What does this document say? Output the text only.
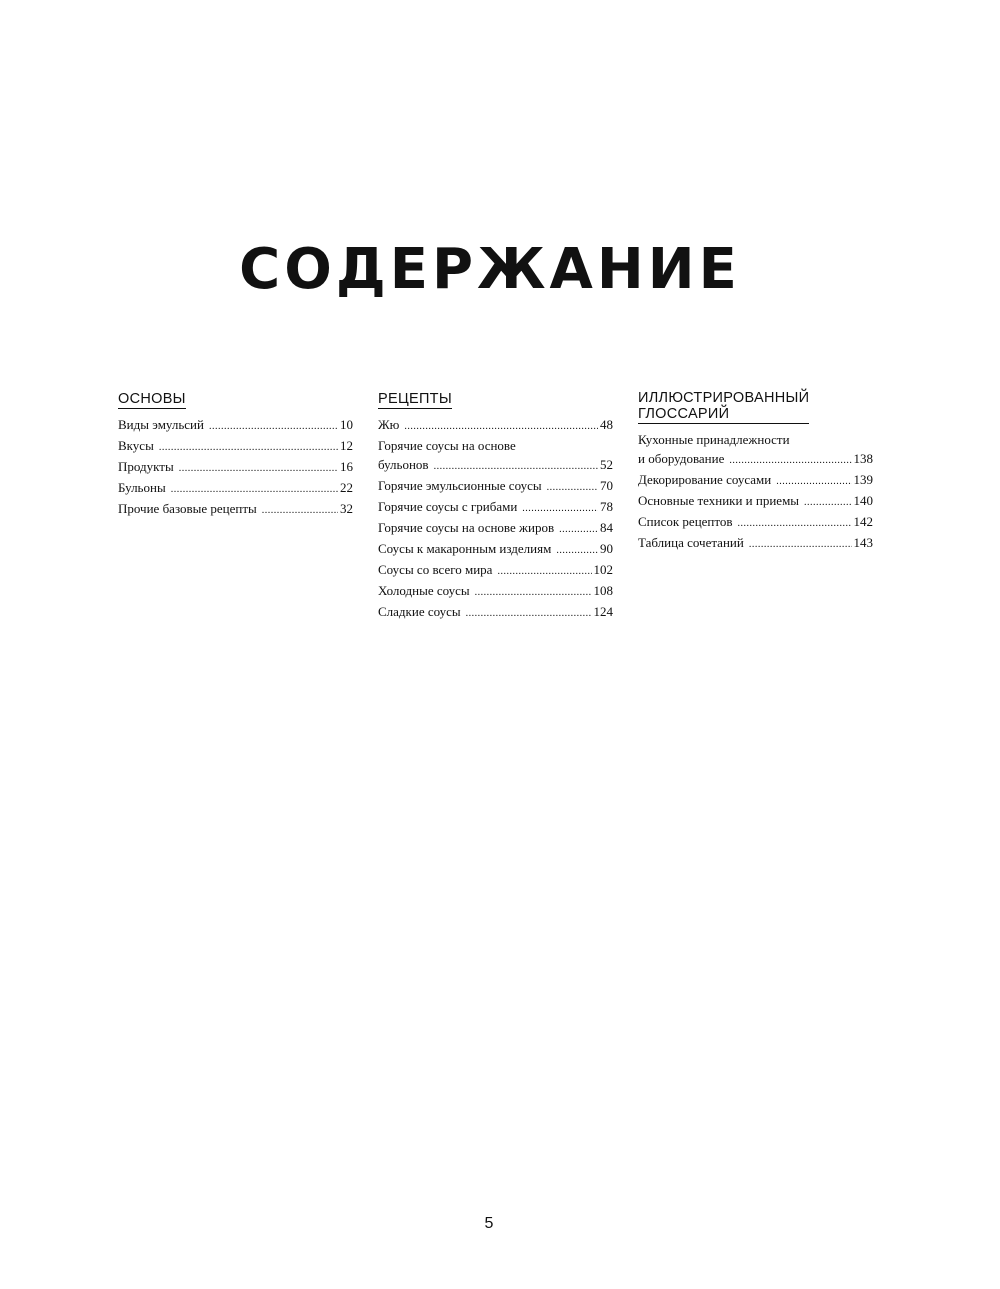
СОДЕРЖАНИЕ
ОСНОВЫ
Виды эмульсий .....	10
Вкусы .....	12
Продукты .....	16
Бульоны .....	22
Прочие базовые рецепты .....	32
РЕЦЕПТЫ
Жю .....	48
Горячие соусы на основе
бульонов .....	52
Горячие эмульсионные соусы .....	70
Горячие соусы с грибами .....	78
Горячие соусы на основе жиров .....	84
Соусы к макаронным изделиям .....	90
Соусы со всего мира .....	102
Холодные соусы .....	108
Сладкие соусы .....	124
ИЛЛЮСТРИРОВАННЫЙ
ГЛОССАРИЙ
Кухонные принадлежности
и оборудование .....	138
Декорирование соусами .....	139
Основные техники и приемы .....	140
Список рецептов .....	142
Таблица сочетаний .....	143
5
